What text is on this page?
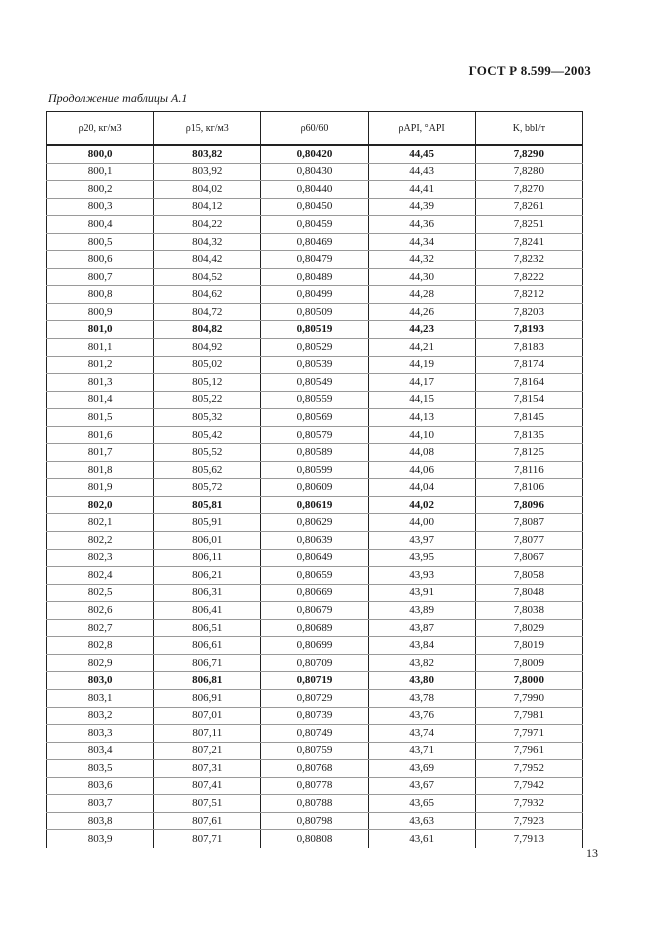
ГОСТ Р 8.599—2003
Продолжение таблицы А.1
ρ20, кг/м3	ρ15, кг/м3	ρ60/60	ρAPI, °API	K, bbl/т
800,0	803,82	0,80420	44,45	7,8290
800,1	803,92	0,80430	44,43	7,8280
800,2	804,02	0,80440	44,41	7,8270
800,3	804,12	0,80450	44,39	7,8261
800,4	804,22	0,80459	44,36	7,8251
800,5	804,32	0,80469	44,34	7,8241
800,6	804,42	0,80479	44,32	7,8232
800,7	804,52	0,80489	44,30	7,8222
800,8	804,62	0,80499	44,28	7,8212
800,9	804,72	0,80509	44,26	7,8203
801,0	804,82	0,80519	44,23	7,8193
801,1	804,92	0,80529	44,21	7,8183
801,2	805,02	0,80539	44,19	7,8174
801,3	805,12	0,80549	44,17	7,8164
801,4	805,22	0,80559	44,15	7,8154
801,5	805,32	0,80569	44,13	7,8145
801,6	805,42	0,80579	44,10	7,8135
801,7	805,52	0,80589	44,08	7,8125
801,8	805,62	0,80599	44,06	7,8116
801,9	805,72	0,80609	44,04	7,8106
802,0	805,81	0,80619	44,02	7,8096
802,1	805,91	0,80629	44,00	7,8087
802,2	806,01	0,80639	43,97	7,8077
802,3	806,11	0,80649	43,95	7,8067
802,4	806,21	0,80659	43,93	7,8058
802,5	806,31	0,80669	43,91	7,8048
802,6	806,41	0,80679	43,89	7,8038
802,7	806,51	0,80689	43,87	7,8029
802,8	806,61	0,80699	43,84	7,8019
802,9	806,71	0,80709	43,82	7,8009
803,0	806,81	0,80719	43,80	7,8000
803,1	806,91	0,80729	43,78	7,7990
803,2	807,01	0,80739	43,76	7,7981
803,3	807,11	0,80749	43,74	7,7971
803,4	807,21	0,80759	43,71	7,7961
803,5	807,31	0,80768	43,69	7,7952
803,6	807,41	0,80778	43,67	7,7942
803,7	807,51	0,80788	43,65	7,7932
803,8	807,61	0,80798	43,63	7,7923
803,9	807,71	0,80808	43,61	7,7913
13
